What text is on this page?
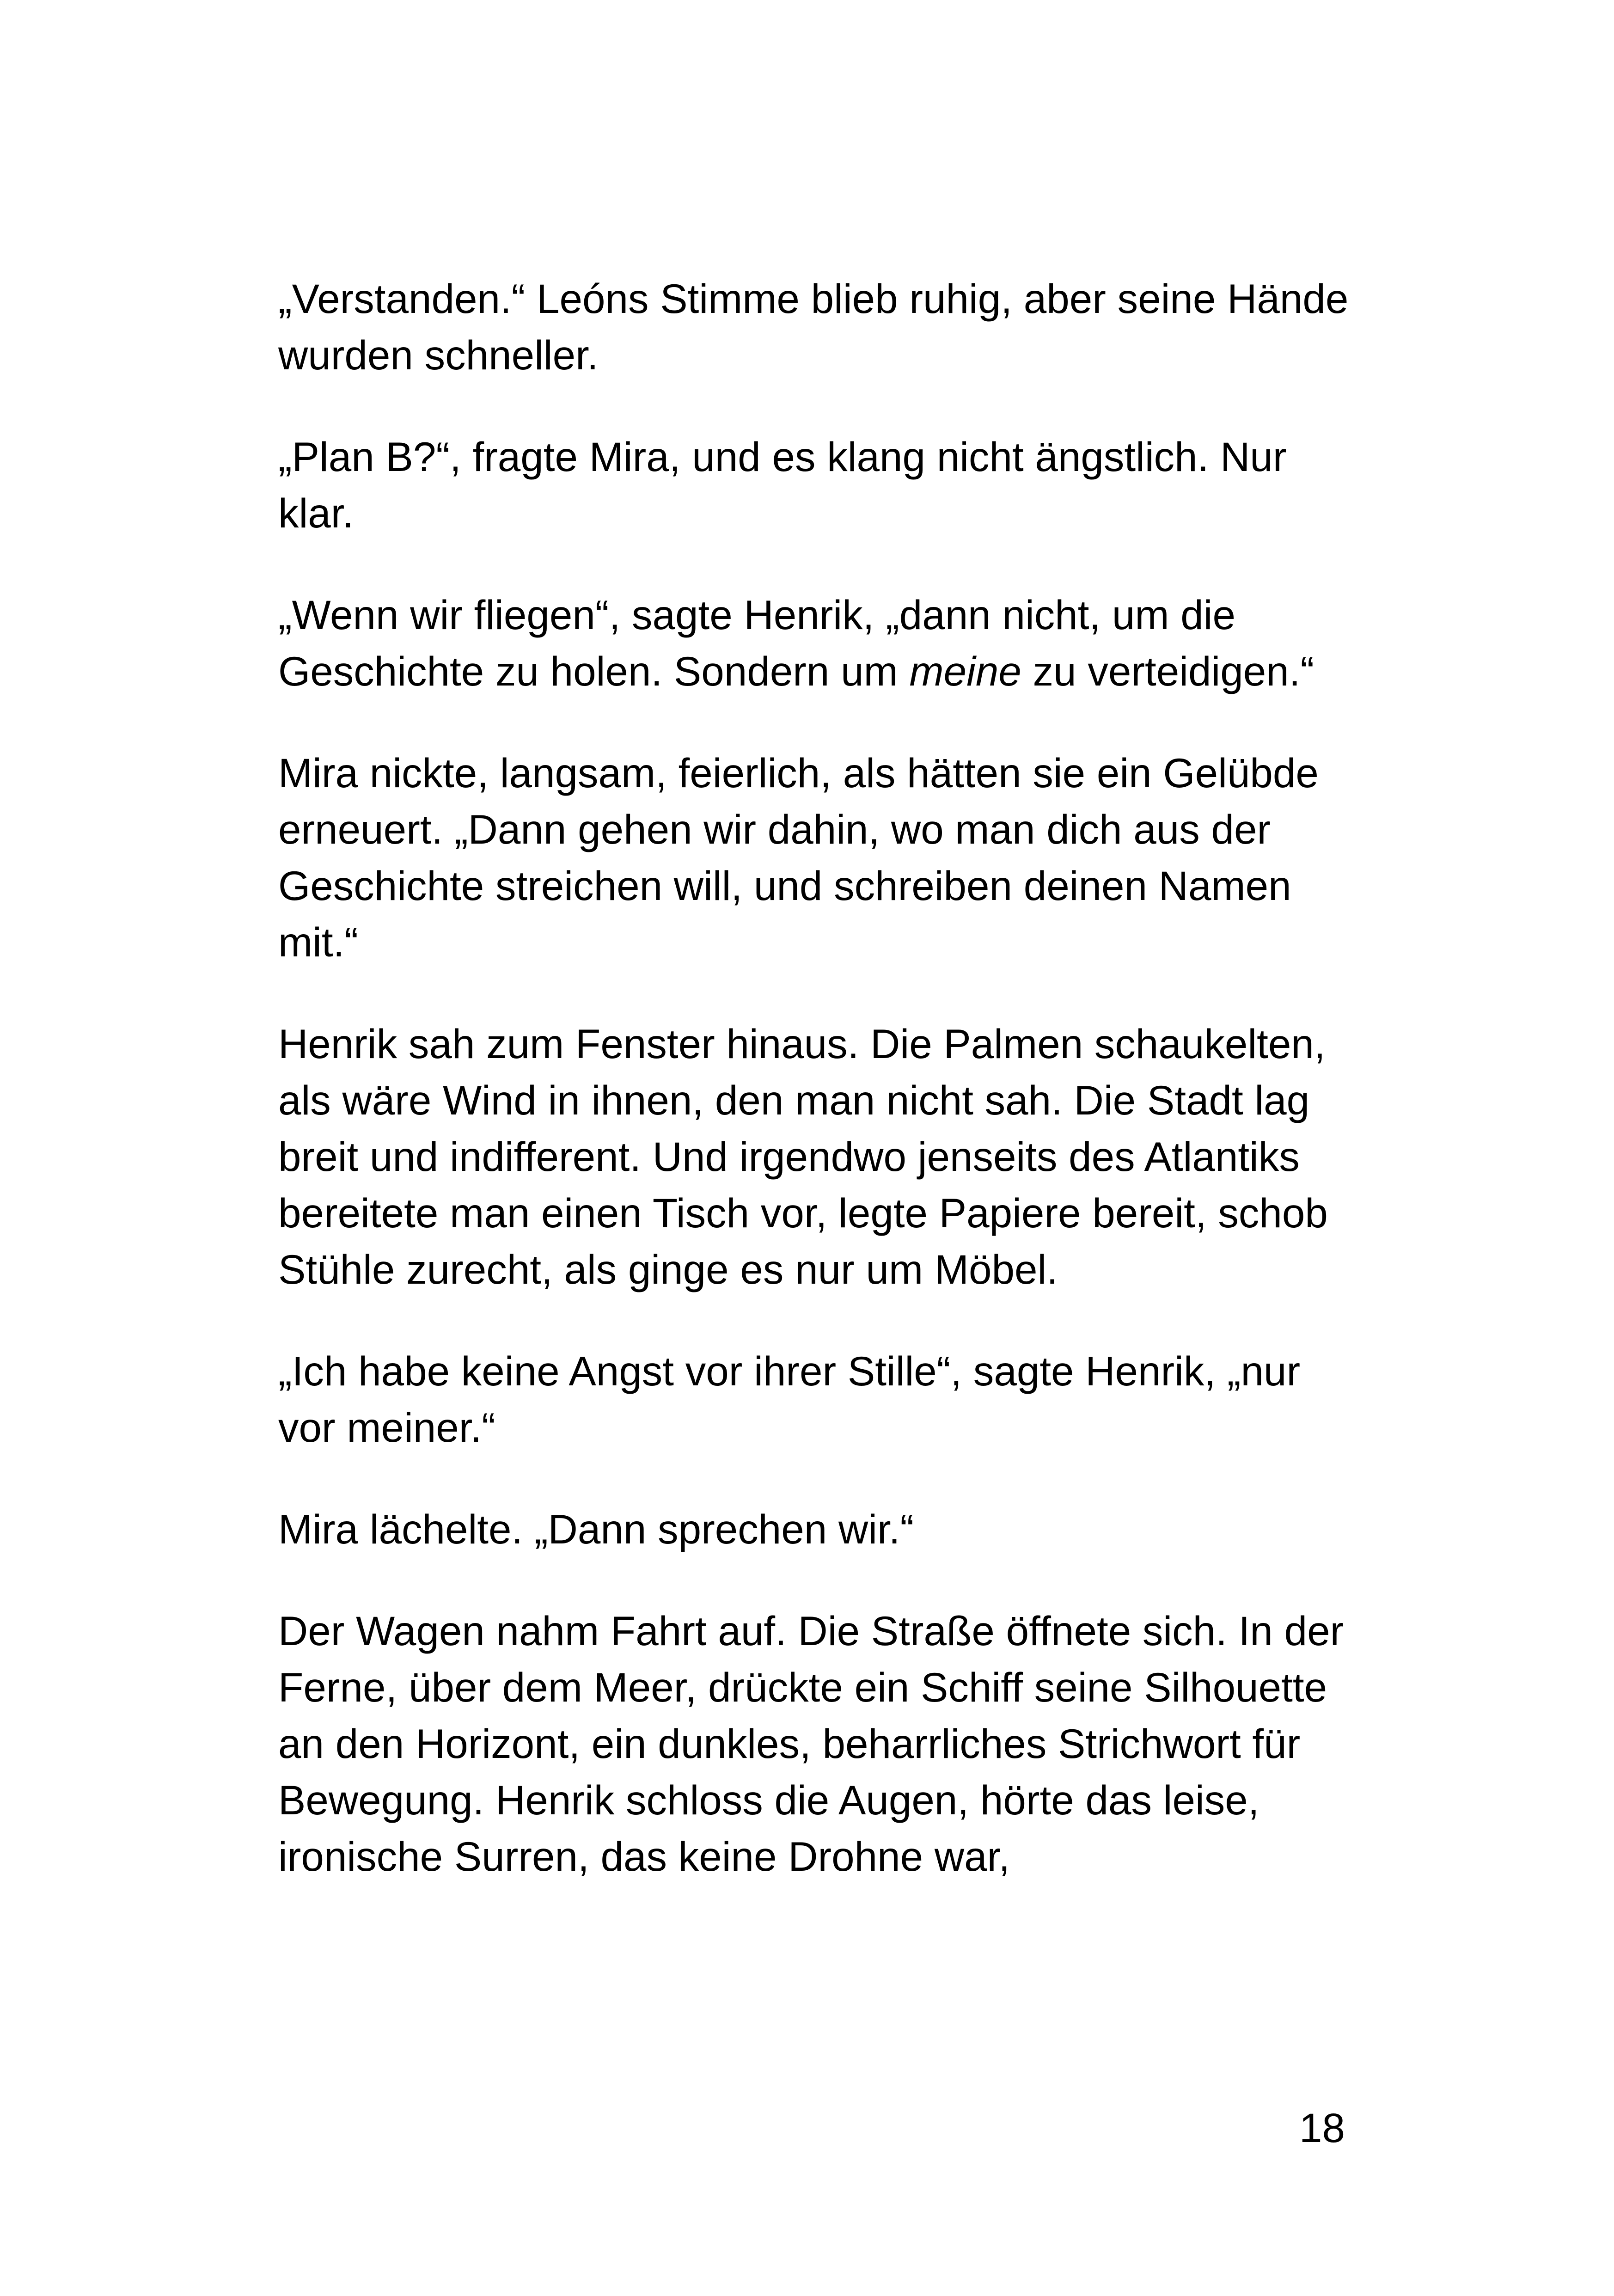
„Verstanden.“ Leóns Stimme blieb ruhig, aber seine Hände wurden schneller.

„Plan B?“, fragte Mira, und es klang nicht ängstlich. Nur klar.

„Wenn wir fliegen“, sagte Henrik, „dann nicht, um die Geschichte zu holen. Sondern um meine zu verteidigen.“

Mira nickte, langsam, feierlich, als hätten sie ein Gelübde erneuert. „Dann gehen wir dahin, wo man dich aus der Geschichte streichen will, und schreiben deinen Namen mit.“

Henrik sah zum Fenster hinaus. Die Palmen schaukelten, als wäre Wind in ihnen, den man nicht sah. Die Stadt lag breit und indifferent. Und irgendwo jenseits des Atlantiks bereitete man einen Tisch vor, legte Papiere bereit, schob Stühle zurecht, als ginge es nur um Möbel.

„Ich habe keine Angst vor ihrer Stille“, sagte Henrik, „nur vor meiner.“

Mira lächelte. „Dann sprechen wir.“

Der Wagen nahm Fahrt auf. Die Straße öffnete sich. In der Ferne, über dem Meer, drückte ein Schiff seine Silhouette an den Horizont, ein dunkles, beharrliches Strichwort für Bewegung. Henrik schloss die Augen, hörte das leise, ironische Surren, das keine Drohne war,

18
